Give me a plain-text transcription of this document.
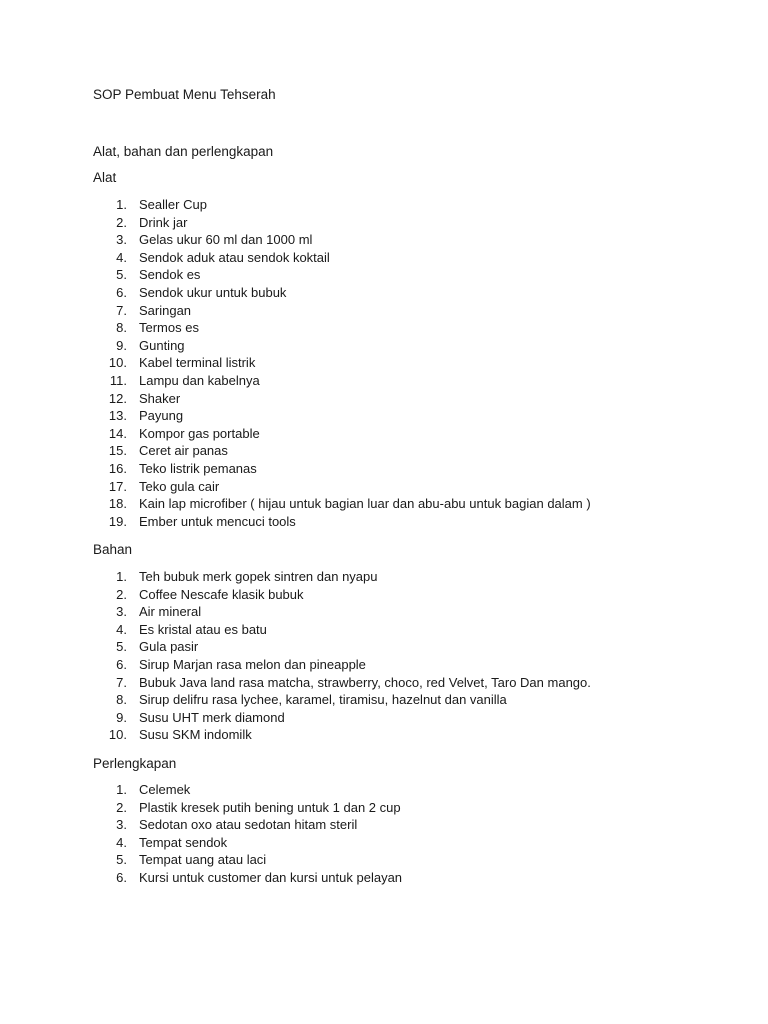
SOP Pembuat Menu Tehserah

Alat, bahan dan perlengkapan

Alat

1. Sealler Cup
2. Drink jar
3. Gelas ukur 60 ml dan 1000 ml
4. Sendok aduk atau sendok koktail
5. Sendok es
6. Sendok ukur untuk bubuk
7. Saringan
8. Termos es
9. Gunting
10. Kabel terminal listrik
11. Lampu dan kabelnya
12. Shaker
13. Payung
14. Kompor gas portable
15. Ceret air panas
16. Teko listrik pemanas
17. Teko gula cair
18. Kain lap microfiber ( hijau untuk bagian luar dan abu-abu untuk bagian dalam )
19. Ember untuk mencuci tools

Bahan

1. Teh bubuk merk gopek sintren dan nyapu
2. Coffee Nescafe klasik bubuk
3. Air mineral
4. Es kristal atau es batu
5. Gula pasir
6. Sirup Marjan rasa melon dan pineapple
7. Bubuk Java land rasa matcha, strawberry, choco, red Velvet, Taro Dan mango.
8. Sirup delifru rasa lychee, karamel, tiramisu, hazelnut dan vanilla
9. Susu UHT merk diamond
10. Susu SKM indomilk

Perlengkapan

1. Celemek
2. Plastik kresek putih bening untuk 1 dan 2 cup
3. Sedotan oxo atau sedotan hitam steril
4. Tempat sendok
5. Tempat uang atau laci
6. Kursi untuk customer dan kursi untuk pelayan
